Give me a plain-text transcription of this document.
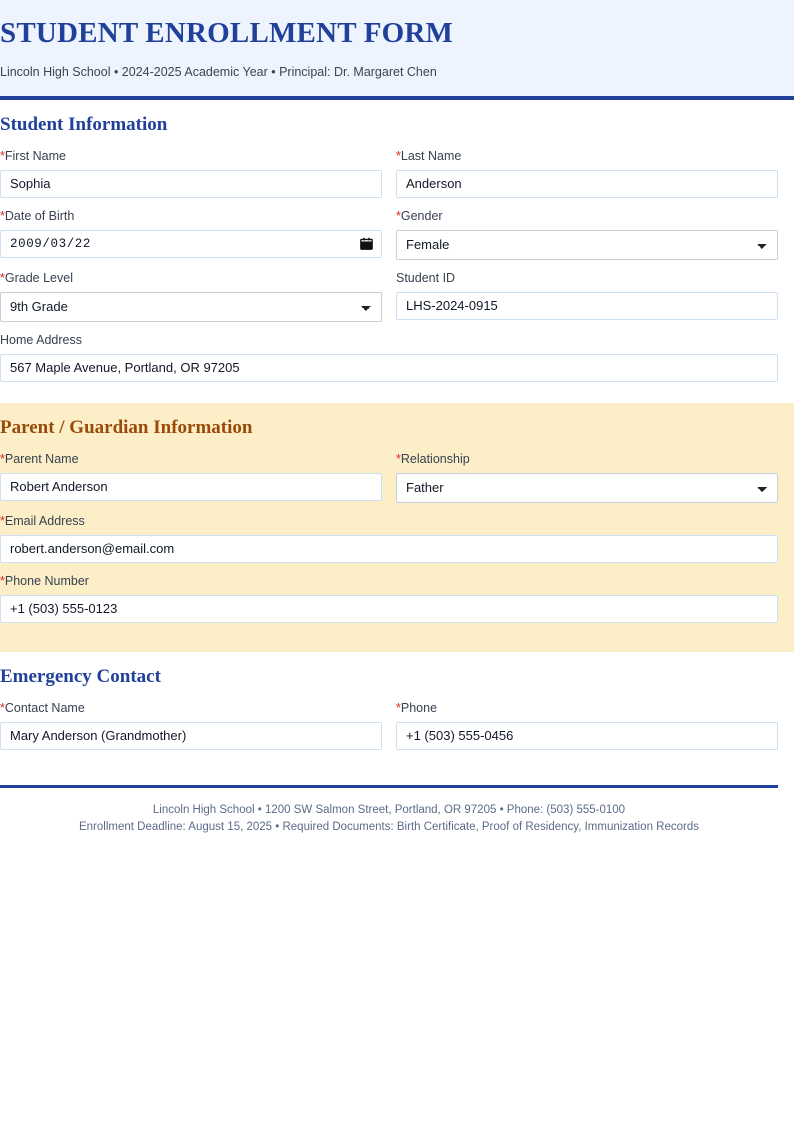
STUDENT ENROLLMENT FORM

Lincoln High School • 2024-2025 Academic Year • Principal: Dr. Margaret Chen

Student Information
*First Name
Sophia	*Last Name
Anderson
*Date of Birth
2009/03/22	*Gender
Female
*Grade Level
9th Grade	Student ID
LHS-2024-0915
Home Address
567 Maple Avenue, Portland, OR 97205
Parent / Guardian Information
*Parent Name
Robert Anderson	*Relationship
Father
*Email Address
robert.anderson@email.com
*Phone Number
+1 (503) 555-0123
Emergency Contact
*Contact Name
Mary Anderson (Grandmother)	*Phone
+1 (503) 555-0456

Lincoln High School • 1200 SW Salmon Street, Portland, OR 97205 • Phone: (503) 555-0100

Enrollment Deadline: August 15, 2025 • Required Documents: Birth Certificate, Proof of Residency, Immunization Records
